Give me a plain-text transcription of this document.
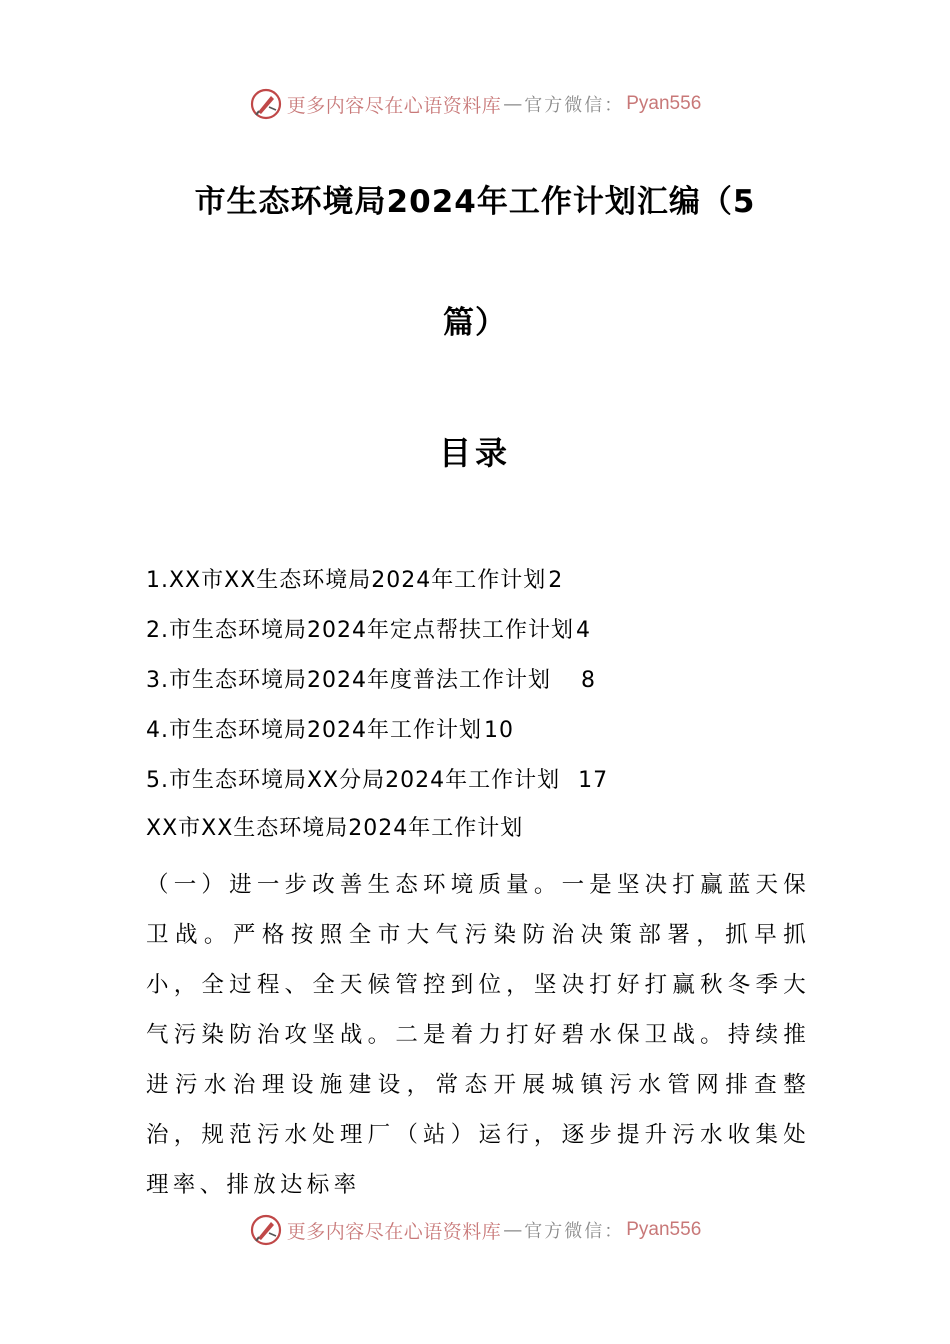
更多内容尽在心语资料库 — 官方微信： Pyan556
市生态环境局2024年工作计划汇编（5
篇）
目录
1.XX市XX生态环境局2024年工作计划2
2.市生态环境局2024年定点帮扶工作计划4
3.市生态环境局2024年度普法工作计划 8
4.市生态环境局2024年工作计划10
5.市生态环境局XX分局2024年工作计划 17
XX市XX生态环境局2024年工作计划

（一）进一步改善生态环境质量。一是坚决打赢蓝天保卫战。严格按照全市大气污染防治决策部署，抓早抓小，全过程、全天候管控到位，坚决打好打赢秋冬季大气污染防治攻坚战。二是着力打好碧水保卫战。持续推进污水治理设施建设，常态开展城镇污水管网排查整治，规范污水处理厂（站）运行，逐步提升污水收集处理率、排放达标率

更多内容尽在心语资料库 — 官方微信： Pyan556
